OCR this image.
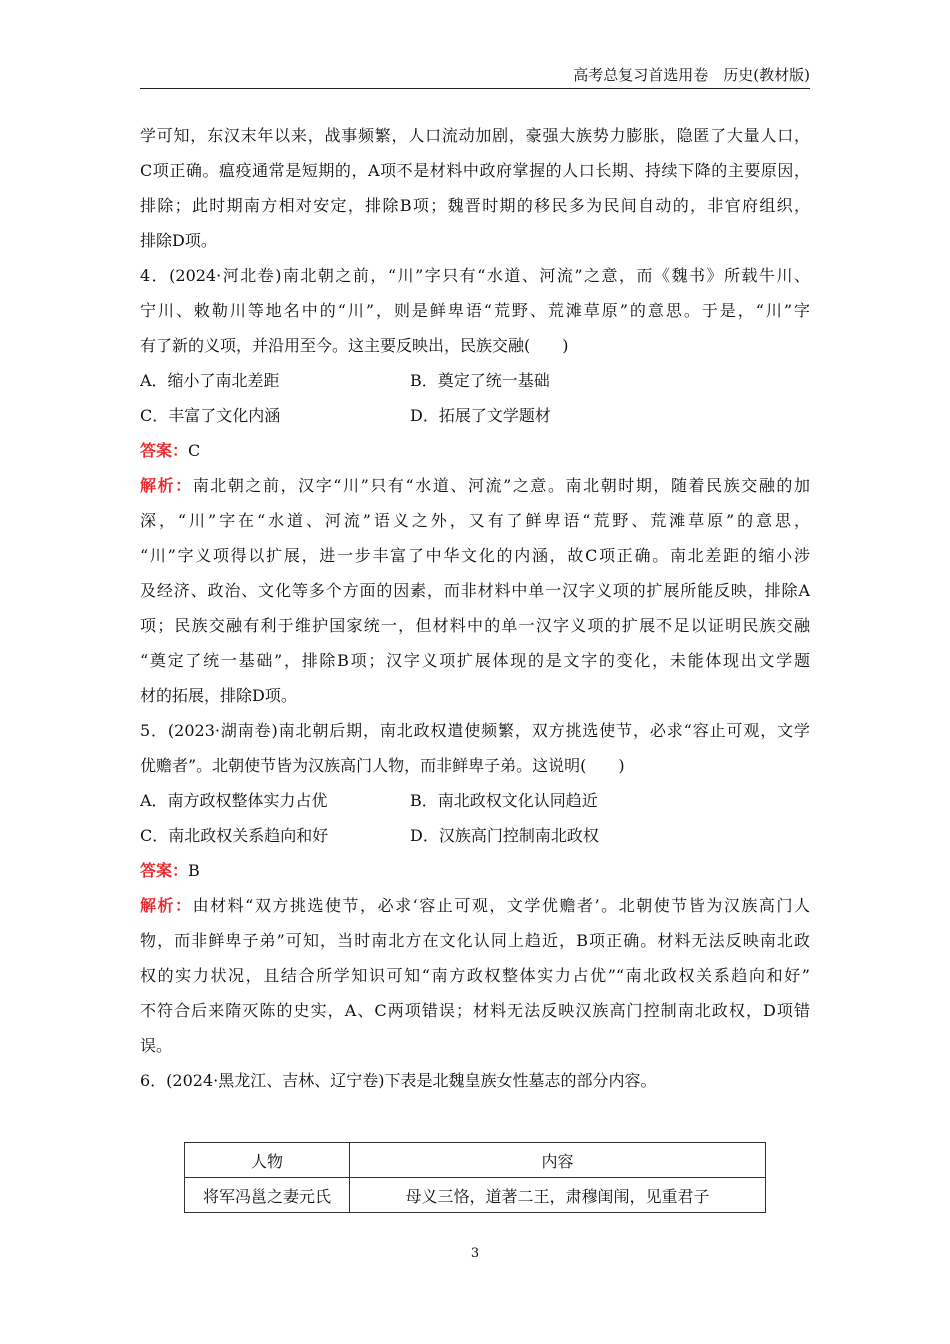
高考总复习首选用卷　历史(教材版)
学可知，东汉末年以来，战事频繁，人口流动加剧，豪强大族势力膨胀，隐匿了大量人口，
C项正确。瘟疫通常是短期的，A项不是材料中政府掌握的人口长期、持续下降的主要原因，
排除；此时期南方相对安定，排除B项；魏晋时期的移民多为民间自动的，非官府组织，
排除D项。
4．(2024·河北卷)南北朝之前，“川”字只有“水道、河流”之意，而《魏书》所载牛川、
宁川、敕勒川等地名中的“川”，则是鲜卑语“荒野、荒滩草原”的意思。于是，“川”字
有了新的义项，并沿用至今。这主要反映出，民族交融(　　)
A．缩小了南北差距	B．奠定了统一基础
C．丰富了文化内涵	D．拓展了文学题材
答案：C
解析：南北朝之前，汉字“川”只有“水道、河流”之意。南北朝时期，随着民族交融的加
深，“川”字在“水道、河流”语义之外，又有了鲜卑语“荒野、荒滩草原”的意思，
“川”字义项得以扩展，进一步丰富了中华文化的内涵，故C项正确。南北差距的缩小涉
及经济、政治、文化等多个方面的因素，而非材料中单一汉字义项的扩展所能反映，排除A
项；民族交融有利于维护国家统一，但材料中的单一汉字义项的扩展不足以证明民族交融
“奠定了统一基础”，排除B项；汉字义项扩展体现的是文字的变化，未能体现出文学题
材的拓展，排除D项。
5．(2023·湖南卷)南北朝后期，南北政权遣使频繁，双方挑选使节，必求“容止可观，文学
优赡者”。北朝使节皆为汉族高门人物，而非鲜卑子弟。这说明(　　)
A．南方政权整体实力占优	B．南北政权文化认同趋近
C．南北政权关系趋向和好	D．汉族高门控制南北政权
答案：B
解析：由材料“双方挑选使节，必求‘容止可观，文学优赡者’。北朝使节皆为汉族高门人
物，而非鲜卑子弟”可知，当时南北方在文化认同上趋近，B项正确。材料无法反映南北政
权的实力状况，且结合所学知识可知“南方政权整体实力占优”“南北政权关系趋向和好”
不符合后来隋灭陈的史实，A、C两项错误；材料无法反映汉族高门控制南北政权，D项错
误。
6．(2024·黑龙江、吉林、辽宁卷)下表是北魏皇族女性墓志的部分内容。
人物	内容
将军冯邕之妻元氏	母义三恪，道著二王，肃穆闺闱，见重君子
3
